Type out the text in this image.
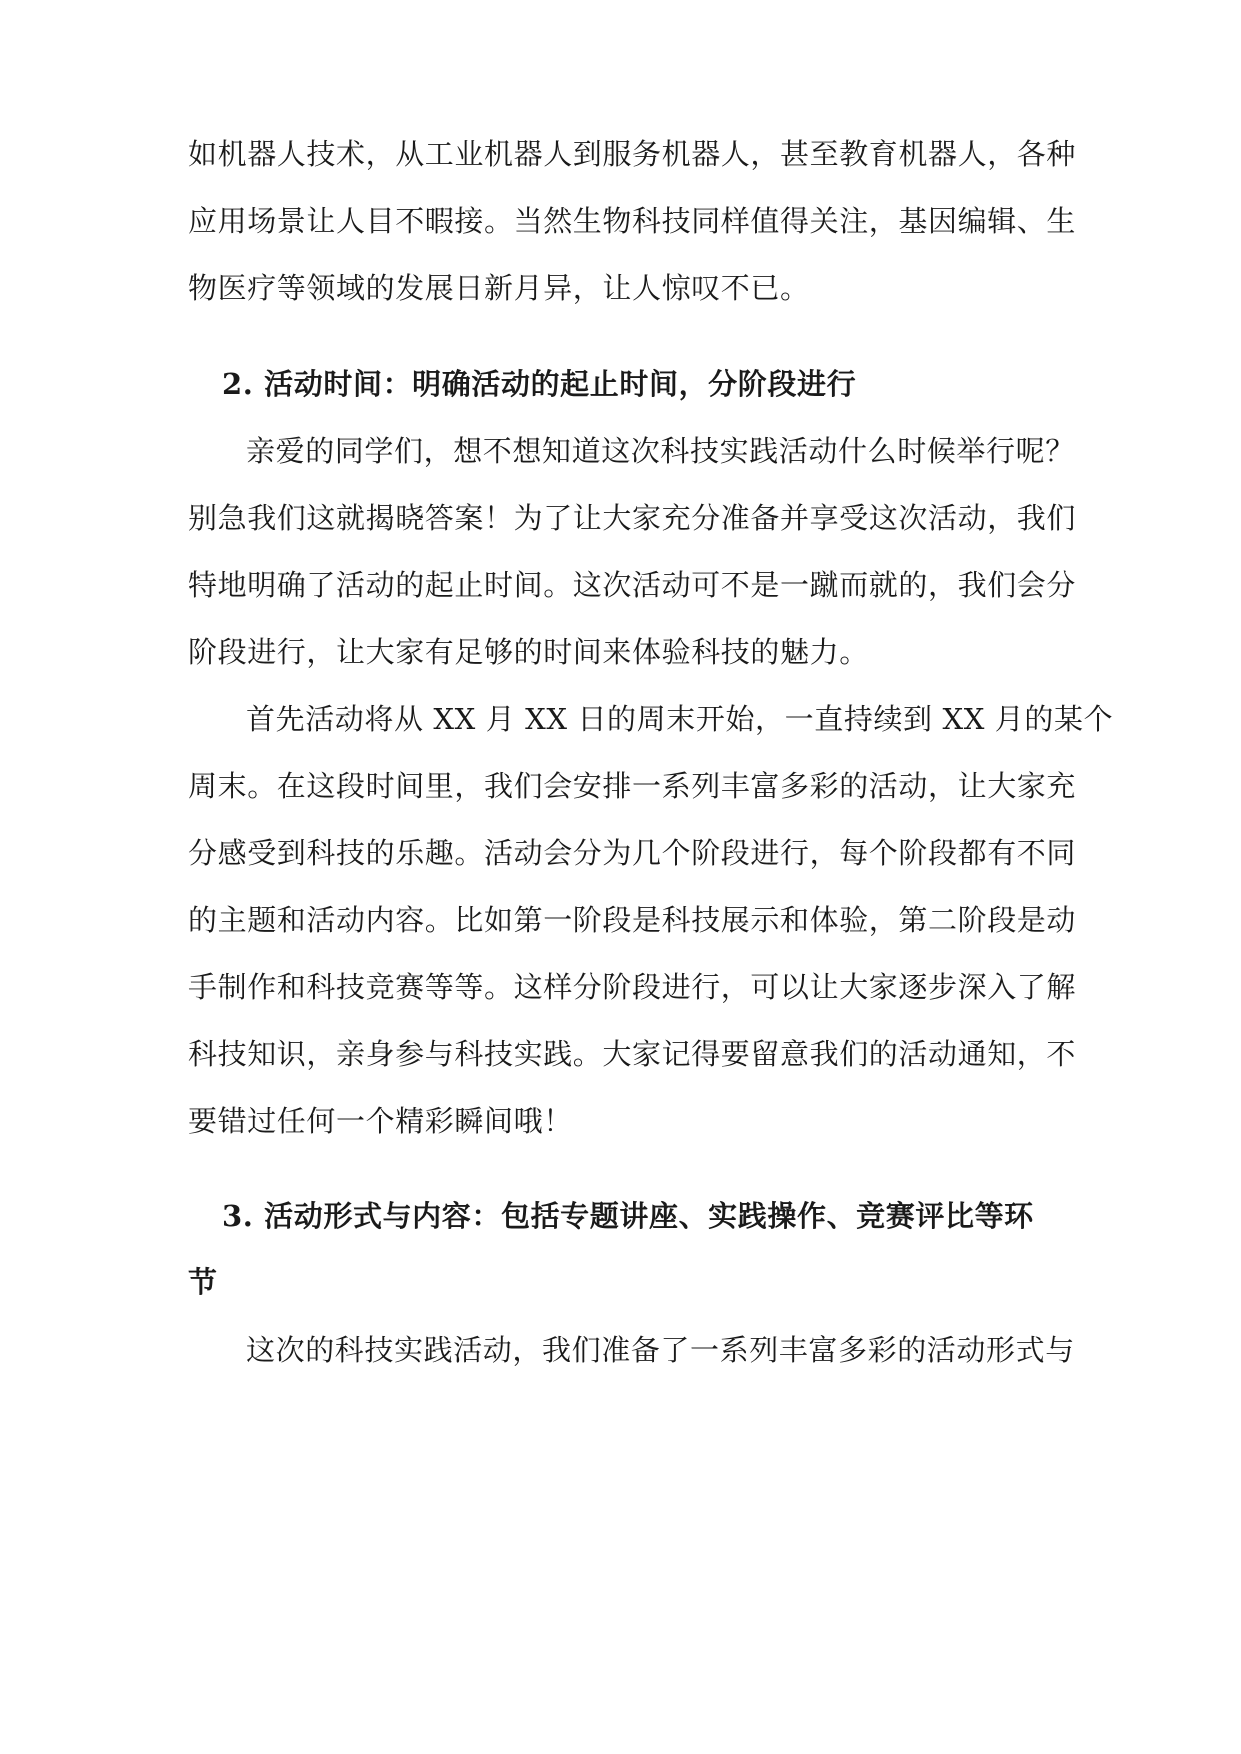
如机器人技术，从工业机器人到服务机器人，甚至教育机器人，各种
应用场景让人目不暇接。当然生物科技同样值得关注，基因编辑、生
物医疗等领域的发展日新月异，让人惊叹不已。
2. 活动时间：明确活动的起止时间，分阶段进行
亲爱的同学们，想不想知道这次科技实践活动什么时候举行呢？
别急我们这就揭晓答案！为了让大家充分准备并享受这次活动，我们
特地明确了活动的起止时间。这次活动可不是一蹴而就的，我们会分
阶段进行，让大家有足够的时间来体验科技的魅力。
首先活动将从 XX 月 XX 日的周末开始，一直持续到 XX 月的某个
周末。在这段时间里，我们会安排一系列丰富多彩的活动，让大家充
分感受到科技的乐趣。活动会分为几个阶段进行，每个阶段都有不同
的主题和活动内容。比如第一阶段是科技展示和体验，第二阶段是动
手制作和科技竞赛等等。这样分阶段进行，可以让大家逐步深入了解
科技知识，亲身参与科技实践。大家记得要留意我们的活动通知，不
要错过任何一个精彩瞬间哦！
3. 活动形式与内容：包括专题讲座、实践操作、竞赛评比等环
节
这次的科技实践活动，我们准备了一系列丰富多彩的活动形式与
